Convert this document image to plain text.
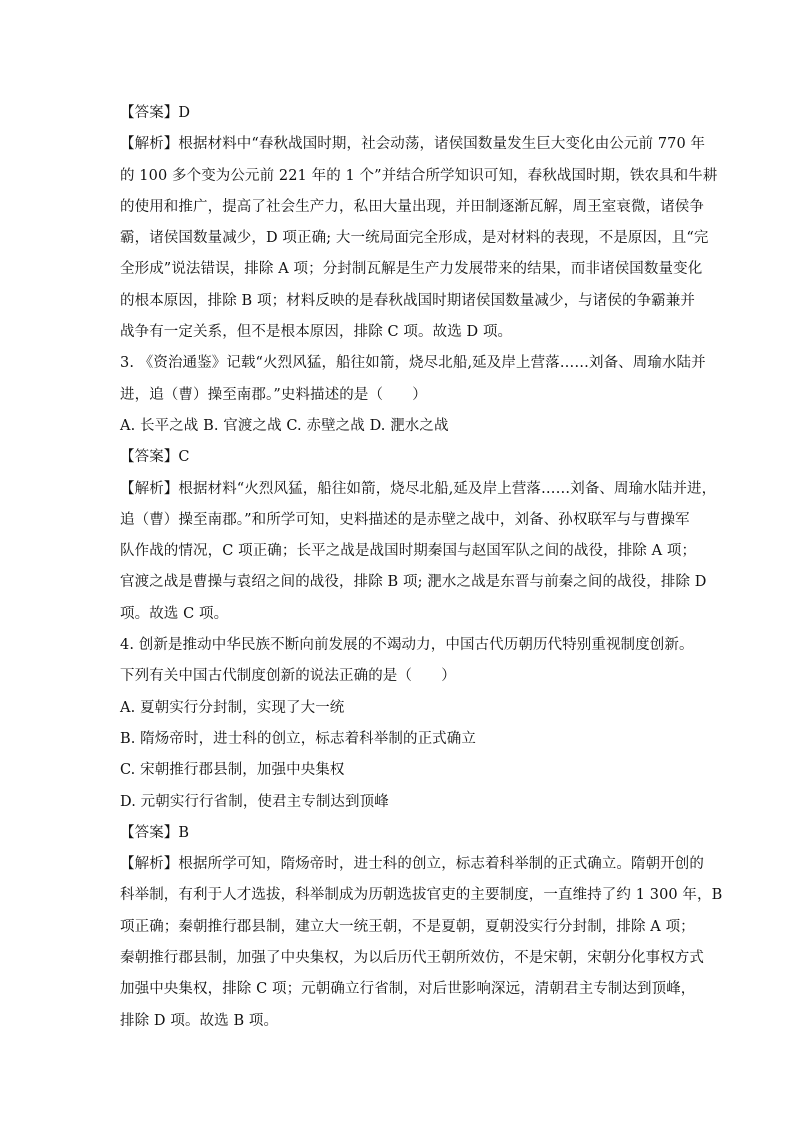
【答案】D
【解析】根据材料中“春秋战国时期，社会动荡，诸侯国数量发生巨大变化由公元前 770 年
的 100 多个变为公元前 221 年的 1 个”并结合所学知识可知，春秋战国时期，铁农具和牛耕
的使用和推广，提高了社会生产力，私田大量出现，并田制逐渐瓦解，周王室衰微，诸侯争
霸，诸侯国数量减少，D 项正确; 大一统局面完全形成，是对材料的表现，不是原因，且“完
全形成”说法错误，排除 A 项；分封制瓦解是生产力发展带来的结果，而非诸侯国数量变化
的根本原因，排除 B 项；材料反映的是春秋战国时期诸侯国数量减少，与诸侯的争霸兼并
战争有一定关系，但不是根本原因，排除 C 项。故选 D 项。
3. 《资治通鉴》记载“火烈风猛，船往如箭，烧尽北船,延及岸上营落……刘备、周瑜水陆并
进，追（曹）操至南郡。”史料描述的是（　　）
A. 长平之战 B. 官渡之战 C. 赤壁之战 D. 淝水之战
【答案】C
【解析】根据材料“火烈风猛，船往如箭，烧尽北船,延及岸上营落……刘备、周瑜水陆并进，
追（曹）操至南郡。”和所学可知，史料描述的是赤壁之战中，刘备、孙权联军与与曹操军
队作战的情况，C 项正确；长平之战是战国时期秦国与赵国军队之间的战役，排除 A 项；
官渡之战是曹操与袁绍之间的战役，排除 B 项; 淝水之战是东晋与前秦之间的战役，排除 D
项。故选 C 项。
4. 创新是推动中华民族不断向前发展的不竭动力，中国古代历朝历代特别重视制度创新。
下列有关中国古代制度创新的说法正确的是（　　）
A. 夏朝实行分封制，实现了大一统
B. 隋炀帝时，进士科的创立，标志着科举制的正式确立
C. 宋朝推行郡县制，加强中央集权
D. 元朝实行行省制，使君主专制达到顶峰
【答案】B
【解析】根据所学可知，隋炀帝时，进士科的创立，标志着科举制的正式确立。隋朝开创的
科举制，有利于人才选拔，科举制成为历朝选拔官吏的主要制度，一直维持了约 1 300 年，B
项正确；秦朝推行郡县制，建立大一统王朝，不是夏朝，夏朝没实行分封制，排除 A 项；
秦朝推行郡县制，加强了中央集权，为以后历代王朝所效仿，不是宋朝，宋朝分化事权方式
加强中央集权，排除 C 项；元朝确立行省制，对后世影响深远，清朝君主专制达到顶峰，
排除 D 项。故选 B 项。
